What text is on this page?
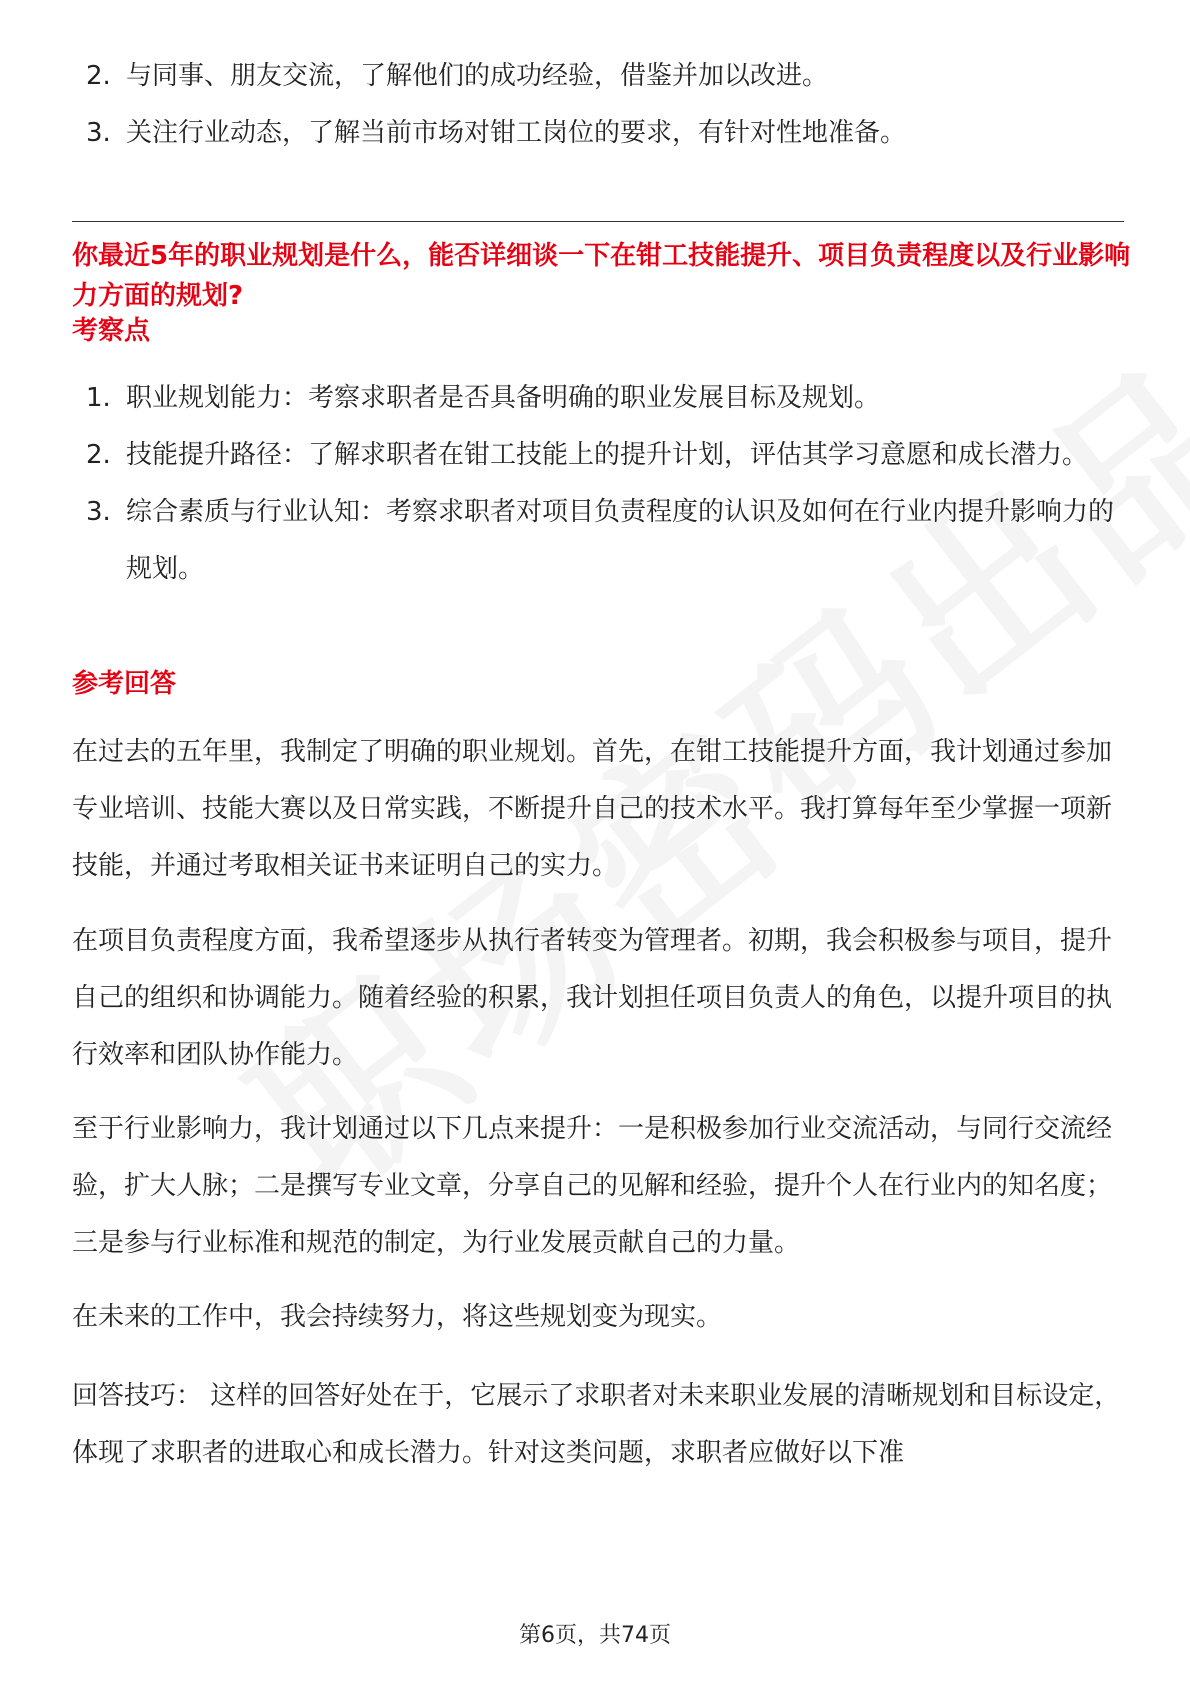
2. 与同事、朋友交流，了解他们的成功经验，借鉴并加以改进。
3. 关注行业动态，了解当前市场对钳工岗位的要求，有针对性地准备。

你最近5年的职业规划是什么，能否详细谈一下在钳工技能提升、项目负责程度以及行业影响力方面的规划?

考察点

1. 职业规划能力：考察求职者是否具备明确的职业发展目标及规划。
2. 技能提升路径：了解求职者在钳工技能上的提升计划，评估其学习意愿和成长潜力。
3. 综合素质与行业认知：考察求职者对项目负责程度的认识及如何在行业内提升影响力的规划。

参考回答

在过去的五年里，我制定了明确的职业规划。首先，在钳工技能提升方面，我计划通过参加专业培训、技能大赛以及日常实践，不断提升自己的技术水平。我打算每年至少掌握一项新技能，并通过考取相关证书来证明自己的实力。

在项目负责程度方面，我希望逐步从执行者转变为管理者。初期，我会积极参与项目，提升自己的组织和协调能力。随着经验的积累，我计划担任项目负责人的角色，以提升项目的执行效率和团队协作能力。

至于行业影响力，我计划通过以下几点来提升：一是积极参加行业交流活动，与同行交流经验，扩大人脉；二是撰写专业文章，分享自己的见解和经验，提升个人在行业内的知名度；三是参与行业标准和规范的制定，为行业发展贡献自己的力量。

在未来的工作中，我会持续努力，将这些规划变为现实。

回答技巧： 这样的回答好处在于，它展示了求职者对未来职业发展的清晰规划和目标设定，体现了求职者的进取心和成长潜力。针对这类问题，求职者应做好以下准

第6页，共74页
